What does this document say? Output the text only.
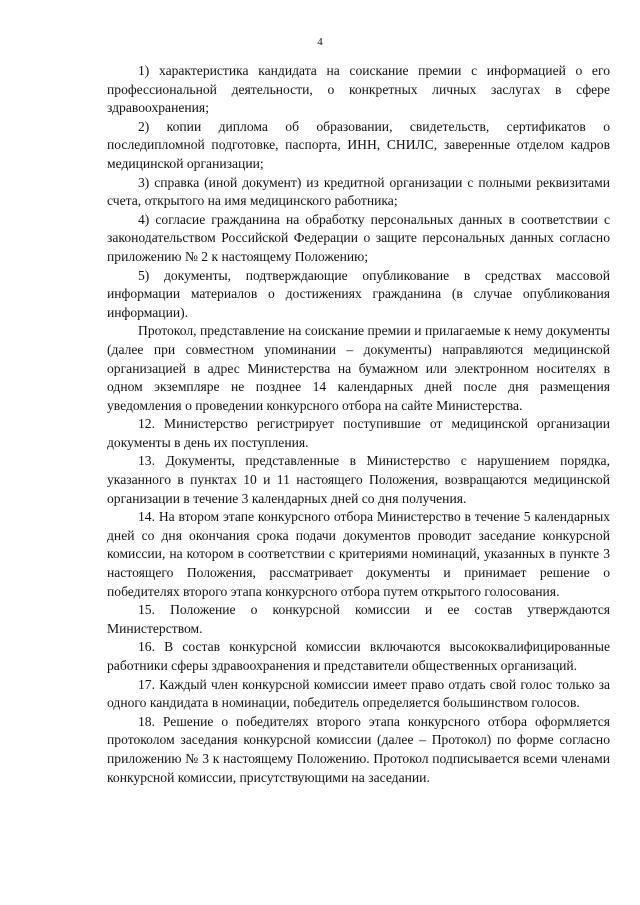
4

1) характеристика кандидата на соискание премии с информацией о его профессиональной деятельности, о конкретных личных заслугах в сфере здравоохранения;

2) копии диплома об образовании, свидетельств, сертификатов о последипломной подготовке, паспорта, ИНН, СНИЛС, заверенные отделом кадров медицинской организации;

3) справка (иной документ) из кредитной организации с полными реквизитами счета, открытого на имя медицинского работника;

4) согласие гражданина на обработку персональных данных в соответствии с законодательством Российской Федерации о защите персональных данных согласно приложению № 2 к настоящему Положению;

5) документы, подтверждающие опубликование в средствах массовой информации материалов о достижениях гражданина (в случае опубликования информации).

Протокол, представление на соискание премии и прилагаемые к нему документы (далее при совместном упоминании – документы) направляются медицинской организацией в адрес Министерства на бумажном или электронном носителях в одном экземпляре не позднее 14 календарных дней после дня размещения уведомления о проведении конкурсного отбора на сайте Министерства.

12. Министерство регистрирует поступившие от медицинской организации документы в день их поступления.

13. Документы, представленные в Министерство с нарушением порядка, указанного в пунктах 10 и 11 настоящего Положения, возвращаются медицинской организации в течение 3 календарных дней со дня получения.

14. На втором этапе конкурсного отбора Министерство в течение 5 календарных дней со дня окончания срока подачи документов проводит заседание конкурсной комиссии, на котором в соответствии с критериями номинаций, указанных в пункте 3 настоящего Положения, рассматривает документы и принимает решение о победителях второго этапа конкурсного отбора путем открытого голосования.

15. Положение о конкурсной комиссии и ее состав утверждаются Министерством.

16. В состав конкурсной комиссии включаются высококвалифицированные работники сферы здравоохранения и представители общественных организаций.

17. Каждый член конкурсной комиссии имеет право отдать свой голос только за одного кандидата в номинации, победитель определяется большинством голосов.

18. Решение о победителях второго этапа конкурсного отбора оформляется протоколом заседания конкурсной комиссии (далее – Протокол) по форме согласно приложению № 3 к настоящему Положению. Протокол подписывается всеми членами конкурсной комиссии, присутствующими на заседании.
